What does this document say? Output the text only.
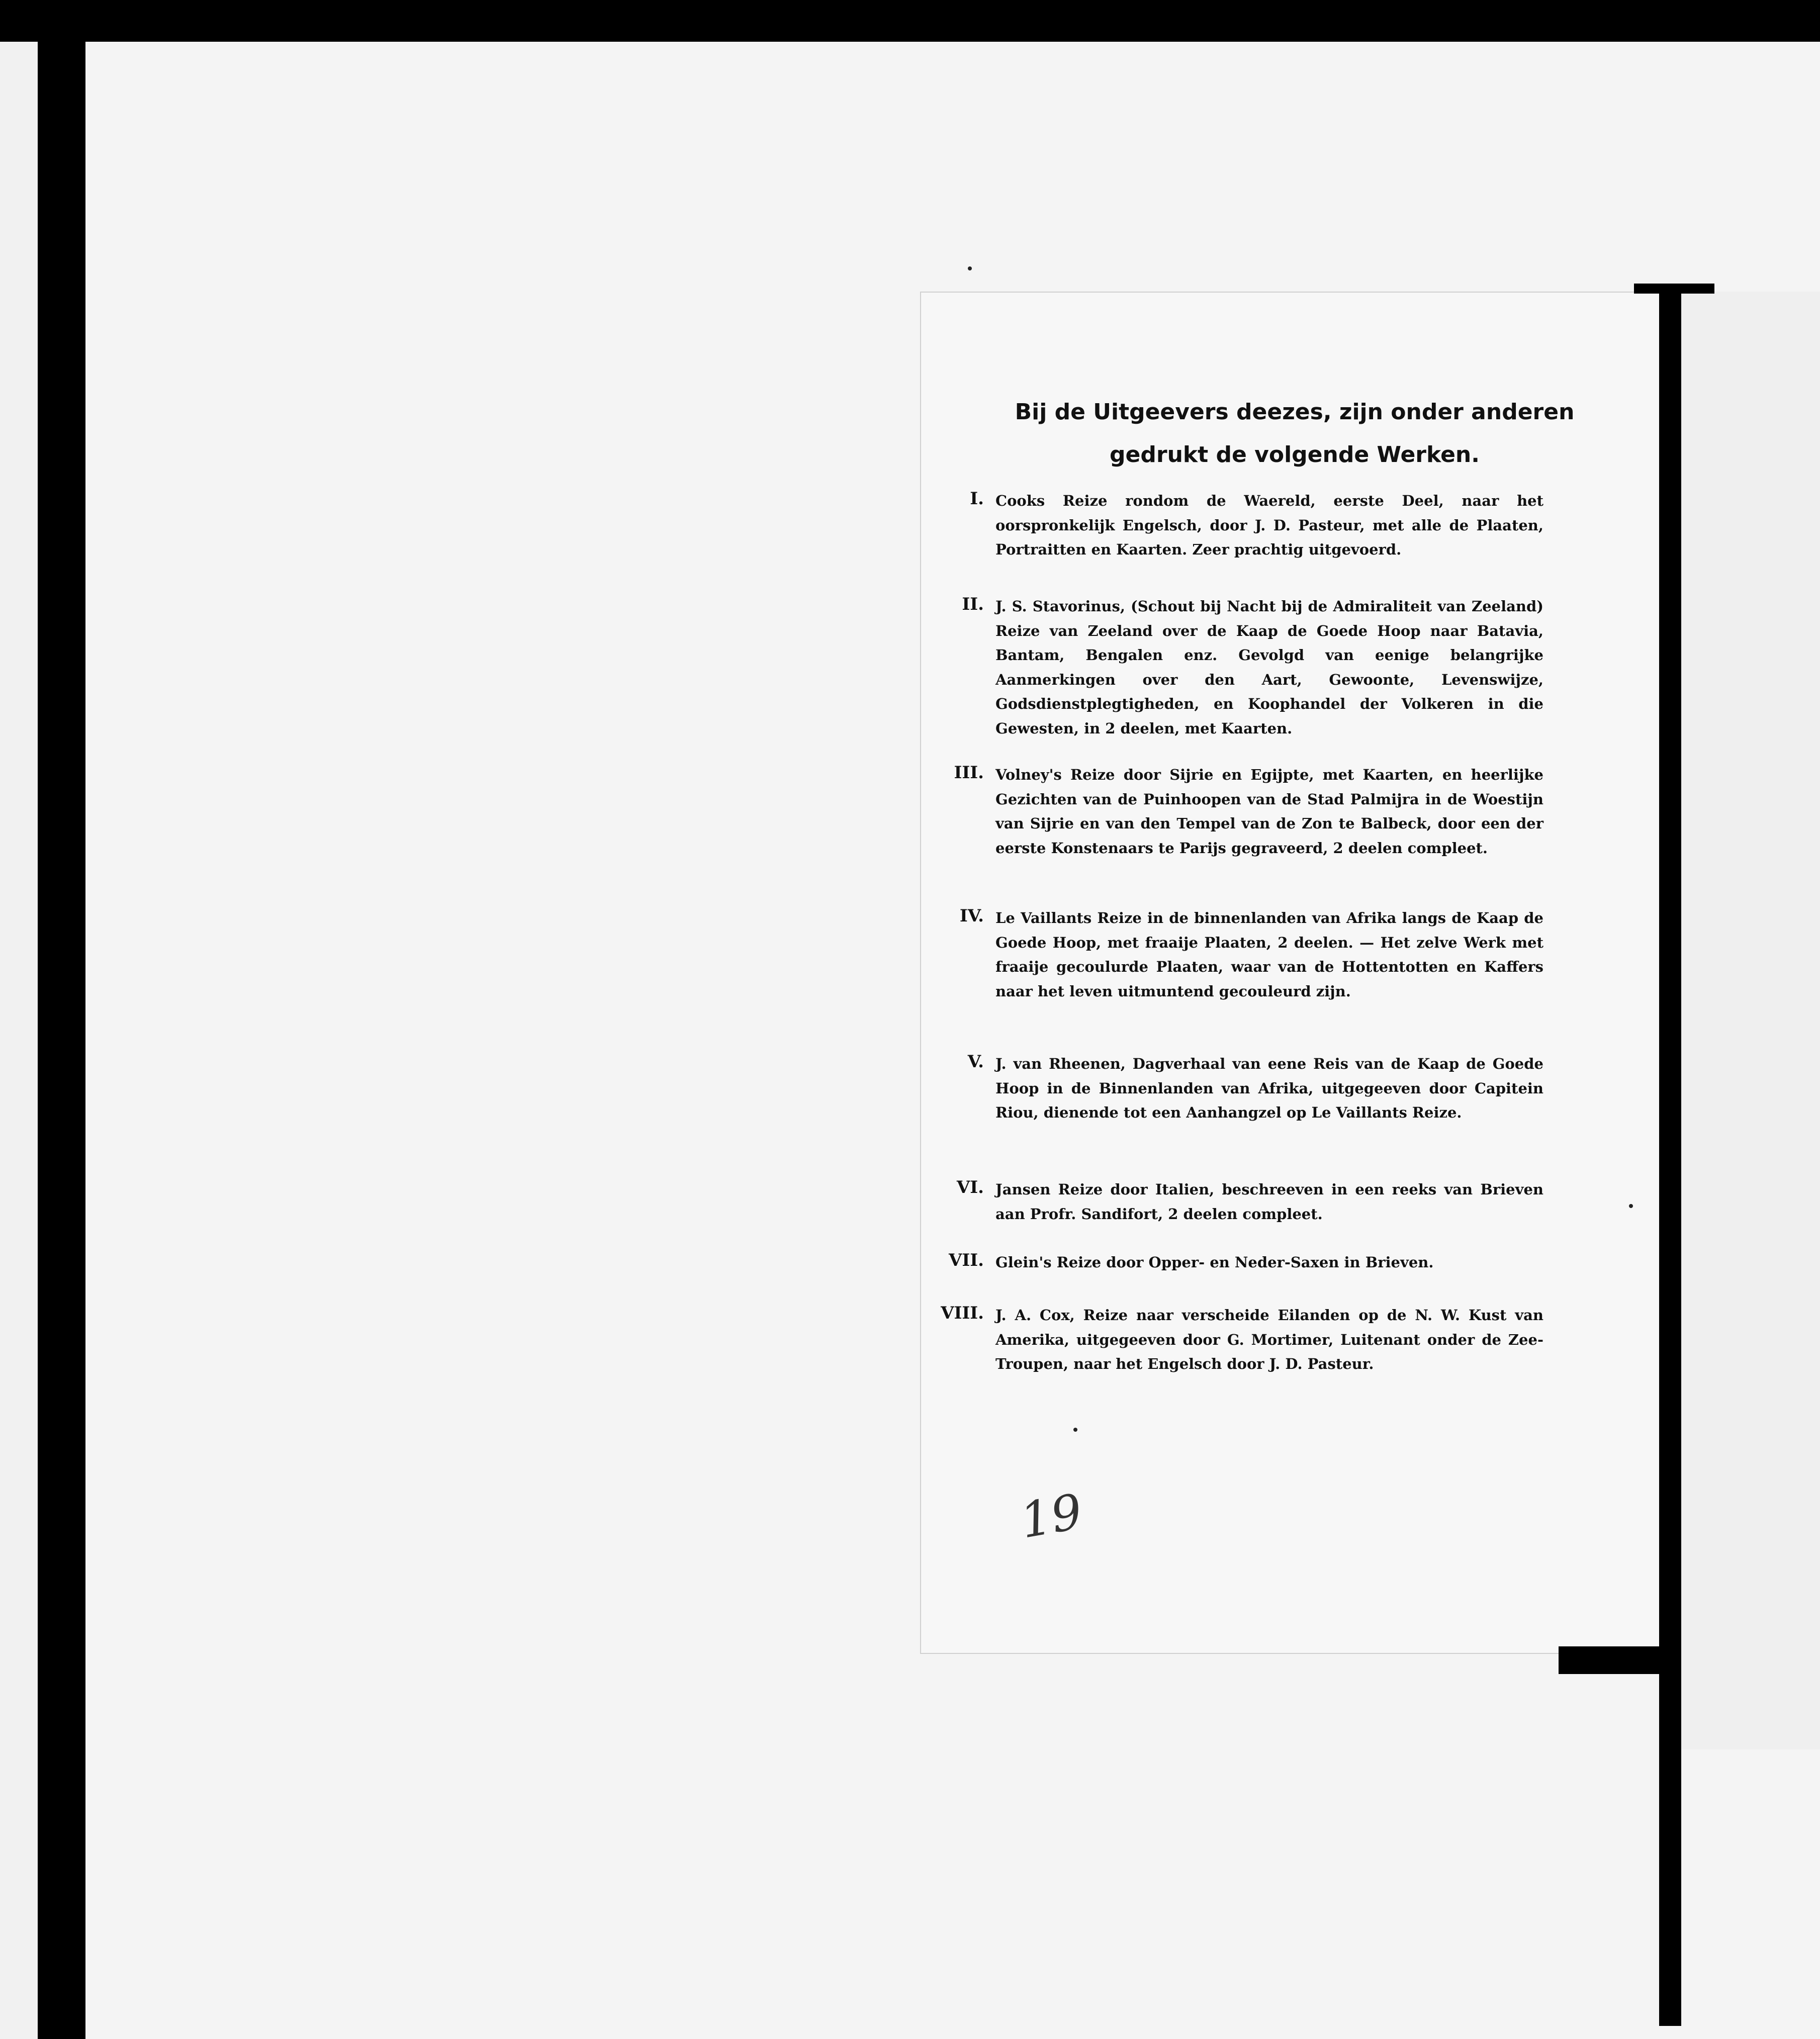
Bij de Uitgeevers deezes, zijn onder anderen
gedrukt de volgende Werken.
I. Cooks Reize rondom de Waereld, eerste Deel, naar het oorspronkelijk Engelsch, door J. D. Pasteur, met alle de Plaaten, Portraitten en Kaarten. Zeer prachtig uitgevoerd.
II. J. S. Stavorinus, (Schout bij Nacht bij de Admiraliteit van Zeeland) Reize van Zeeland over de Kaap de Goede Hoop naar Batavia, Bantam, Bengalen enz. Gevolgd van eenige belangrijke Aanmerkingen over den Aart, Gewoonte, Levenswijze, Godsdienstplegtigheden, en Koophandel der Volkeren in die Gewesten, in 2 deelen, met Kaarten.
III. Volney's Reize door Sijrie en Egijpte, met Kaarten, en heerlijke Gezichten van de Puinhoopen van de Stad Palmijra in de Woestijn van Sijrie en van den Tempel van de Zon te Balbeck, door een der eerste Konstenaars te Parijs gegraveerd, 2 deelen compleet.
IV. Le Vaillants Reize in de binnenlanden van Afrika langs de Kaap de Goede Hoop, met fraaije Plaaten, 2 deelen. — Het zelve Werk met fraaije gecoulurde Plaaten, waar van de Hottentotten en Kaffers naar het leven uitmuntend gecouleurd zijn.
V. J. van Rheenen, Dagverhaal van eene Reis van de Kaap de Goede Hoop in de Binnenlanden van Afrika, uitgegeeven door Capitein Riou, dienende tot een Aanhangzel op Le Vaillants Reize.
VI. Jansen Reize door Italien, beschreeven in een reeks van Brieven aan Profr. Sandifort, 2 deelen compleet.
VII. Glein's Reize door Opper- en Neder-Saxen in Brieven.
VIII. J. A. Cox, Reize naar verscheide Eilanden op de N. W. Kust van Amerika, uitgegeeven door G. Mortimer, Luitenant onder de Zee-Troupen, naar het Engelsch door J. D. Pasteur.
19
